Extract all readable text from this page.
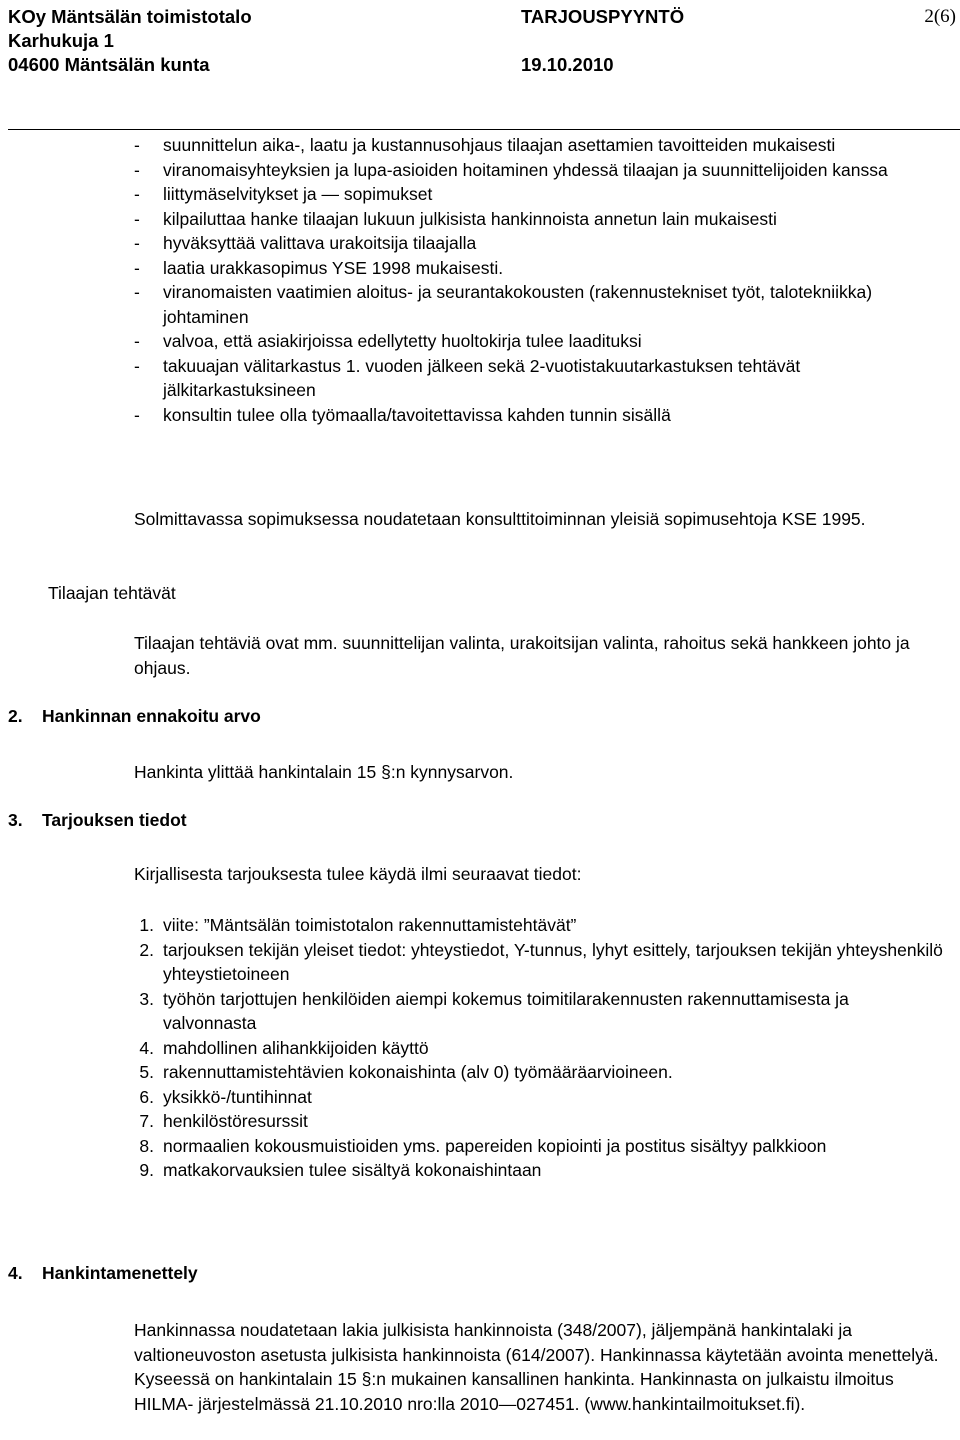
KOy Mäntsälän toimistotalo
Karhukuja 1
04600 Mäntsälän kunta
TARJOUSPYYNTÖ
19.10.2010
2(6)
- suunnittelun aika-, laatu ja kustannusohjaus tilaajan asettamien tavoitteiden mukaisesti
- viranomaisyhteyksien ja lupa-asioiden hoitaminen yhdessä tilaajan ja suunnittelijoiden kanssa
- liittymäselvitykset ja — sopimukset
- kilpailuttaa hanke tilaajan lukuun julkisista hankinnoista annetun lain mukaisesti
- hyväksyttää valittava urakoitsija tilaajalla
- laatia urakkasopimus YSE 1998 mukaisesti.
- viranomaisten vaatimien aloitus- ja seurantakokousten (rakennustekniset työt, talotekniikka) johtaminen
- valvoa, että asiakirjoissa edellytetty huoltokirja tulee laadituksi
- takuuajan välitarkastus 1. vuoden jälkeen sekä 2-vuotistakuutarkastuksen tehtävät jälkitarkastuksineen
- konsultin tulee olla työmaalla/tavoitettavissa kahden tunnin sisällä

Solmittavassa sopimuksessa noudatetaan konsulttitoiminnan yleisiä sopimusehtoja KSE 1995.

Tilaajan tehtävät

Tilaajan tehtäviä ovat mm. suunnittelijan valinta, urakoitsijan valinta, rahoitus sekä hankkeen johto ja ohjaus.

2.    Hankinnan ennakoitu arvo

Hankinta ylittää hankintalain 15 §:n kynnysarvon.

3.    Tarjouksen tiedot

Kirjallisesta tarjouksesta tulee käydä ilmi seuraavat tiedot:

1. viite: ”Mäntsälän toimistotalon rakennuttamistehtävät”
2. tarjouksen tekijän yleiset tiedot: yhteystiedot, Y-tunnus, lyhyt esittely, tarjouksen tekijän yhteyshenkilö yhteystietoineen
3. työhön tarjottujen henkilöiden aiempi kokemus toimitilarakennusten rakennuttamisesta ja valvonnasta
4. mahdollinen alihankkijoiden käyttö
5. rakennuttamistehtävien kokonaishinta (alv 0) työmääräarvioineen.
6. yksikkö-/tuntihinnat
7. henkilöstöresurssit
8. normaalien kokousmuistioiden yms. papereiden kopiointi ja postitus sisältyy palkkioon
9. matkakorvauksien tulee sisältyä kokonaishintaan
4.    Hankintamenettely

Hankinnassa noudatetaan lakia julkisista hankinnoista (348/2007), jäljempänä hankintalaki ja valtioneuvoston asetusta julkisista hankinnoista (614/2007). Hankinnassa käytetään avointa menettelyä. Kyseessä on hankintalain 15 §:n mukainen kansallinen hankinta. Hankinnasta on julkaistu ilmoitus HILMA- järjestelmässä 21.10.2010 nro:lla 2010—027451. (www.hankintailmoitukset.fi).
